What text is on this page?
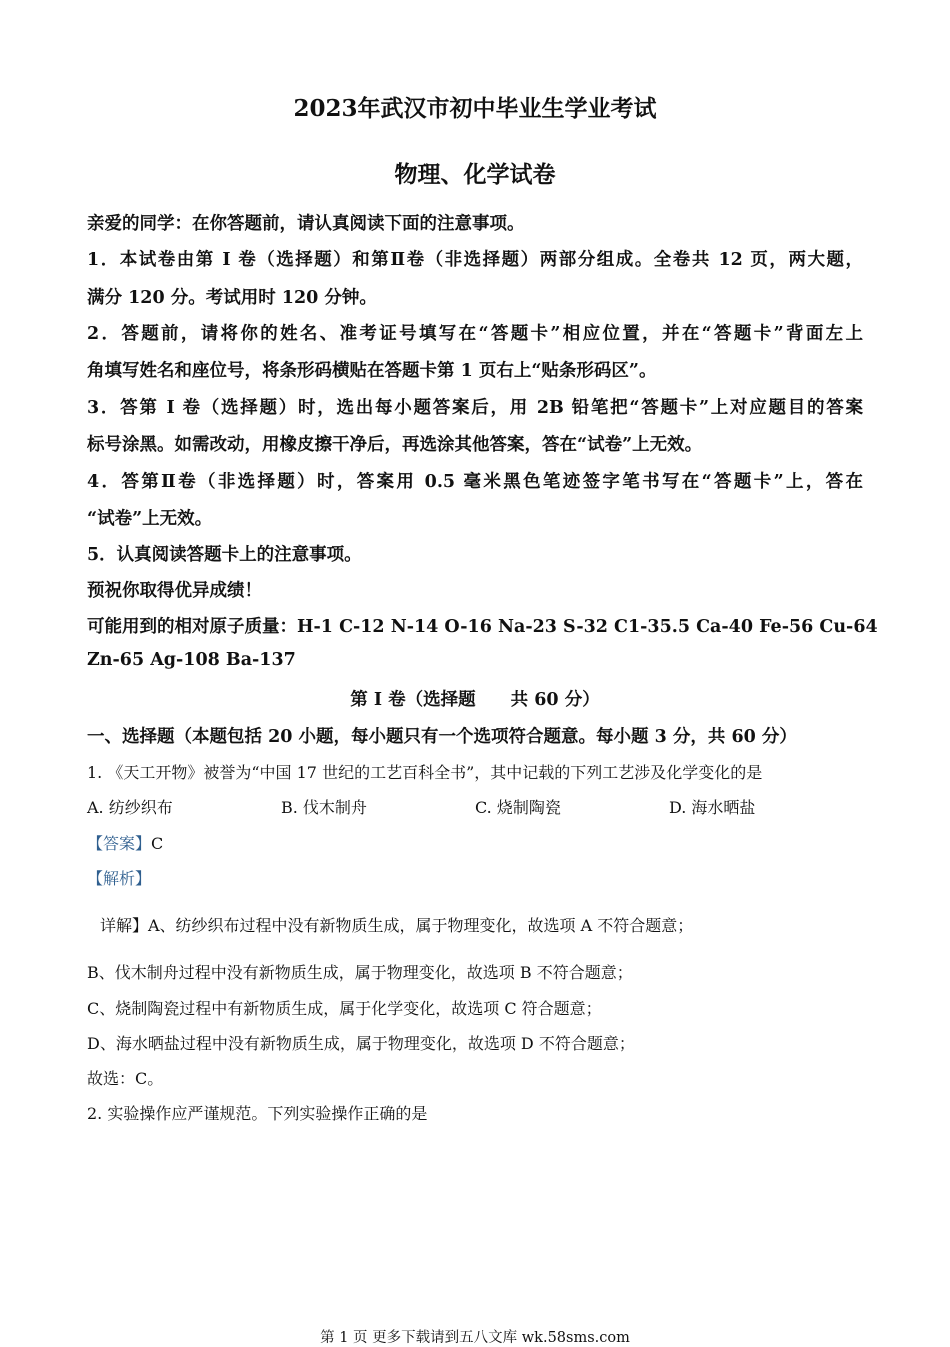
2023年武汉市初中毕业生学业考试
物理、化学试卷
亲爱的同学：在你答题前，请认真阅读下面的注意事项。
1．本试卷由第 I 卷（选择题）和第Ⅱ卷（非选择题）两部分组成。全卷共 12 页，两大题，
满分 120 分。考试用时 120 分钟。
2．答题前，请将你的姓名、准考证号填写在“答题卡”相应位置，并在“答题卡”背面左上
角填写姓名和座位号，将条形码横贴在答题卡第 1 页右上“贴条形码区”。
3．答第 I 卷（选择题）时，选出每小题答案后，用 2B 铅笔把“答题卡”上对应题目的答案
标号涂黑。如需改动，用橡皮擦干净后，再选涂其他答案，答在“试卷”上无效。
4．答第Ⅱ卷（非选择题）时，答案用 0.5 毫米黑色笔迹签字笔书写在“答题卡”上，答在
“试卷”上无效。
5．认真阅读答题卡上的注意事项。
预祝你取得优异成绩！
可能用到的相对原子质量：H-1 C-12 N-14 O-16 Na-23 S-32 C1-35.5 Ca-40 Fe-56 Cu-64
Zn-65 Ag-108 Ba-137
第 I 卷（选择题　　共 60 分）
一、选择题（本题包括 20 小题，每小题只有一个选项符合题意。每小题 3 分，共 60 分）
1. 《天工开物》被誉为“中国 17 世纪的工艺百科全书”，其中记载的下列工艺涉及化学变化的是
A. 纺纱织布	B. 伐木制舟	C. 烧制陶瓷	D. 海水晒盐
【答案】C
【解析】
详解】A、纺纱织布过程中没有新物质生成，属于物理变化，故选项 A 不符合题意；
B、伐木制舟过程中没有新物质生成，属于物理变化，故选项 B 不符合题意；
C、烧制陶瓷过程中有新物质生成，属于化学变化，故选项 C 符合题意；
D、海水晒盐过程中没有新物质生成，属于物理变化，故选项 D 不符合题意；
故选：C。
2. 实验操作应严谨规范。下列实验操作正确的是
第 1 页 更多下载请到五八文库 wk.58sms.com
